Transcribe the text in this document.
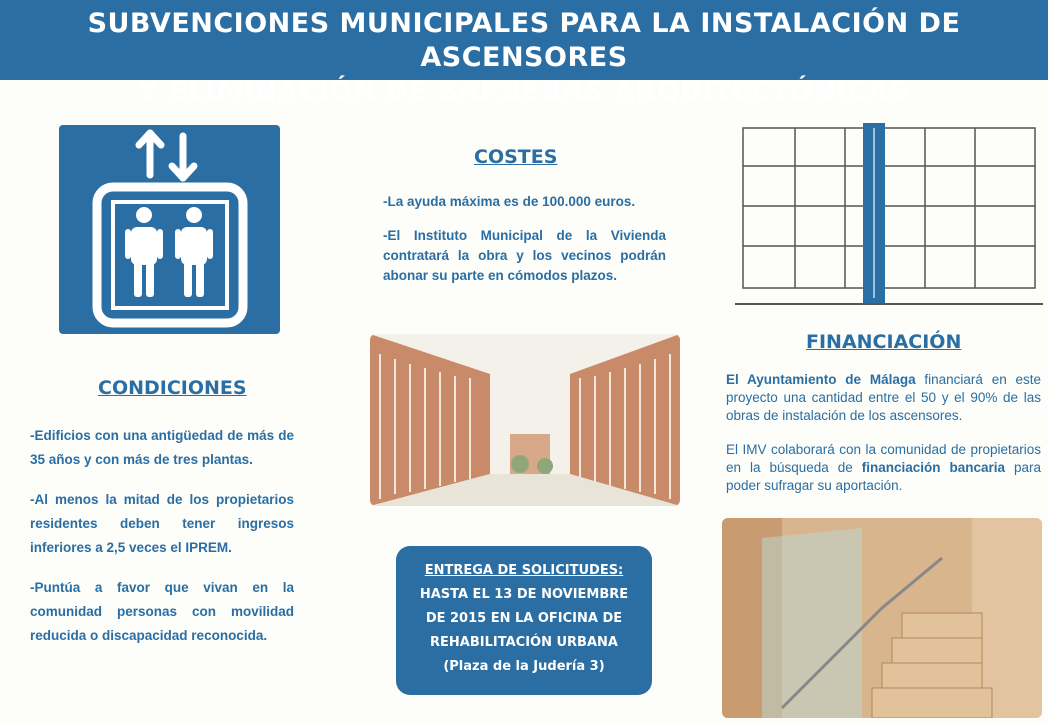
SUBVENCIONES MUNICIPALES PARA LA INSTALACIÓN DE ASCENSORES
Y ELIMINACIÓN DE BARRERAS ARQUITECTÓNICAS
COSTES

-La ayuda máxima es de 100.000 euros.

-El Instituto Municipal de la Vivienda contratará la obra y los vecinos podrán abonar su parte en cómodos plazos.

FINANCIACIÓN

El Ayuntamiento de Málaga financiará en este proyecto una cantidad entre el 50 y el 90% de las obras de instalación de los ascensores.

El IMV colaborará con la comunidad de propietarios en la búsqueda de financiación bancaria para poder sufragar su aportación.

CONDICIONES

-Edificios con una antigüedad de más de 35 años y con más de tres plantas.

-Al menos la mitad de los propietarios residentes deben tener ingresos inferiores a 2,5 veces el IPREM.

-Puntúa a favor que vivan en la comunidad personas con movilidad reducida o discapacidad reconocida.

ENTREGA DE SOLICITUDES:
HASTA EL 13 DE NOVIEMBRE
DE 2015 EN LA OFICINA DE
REHABILITACIÓN URBANA
(Plaza de la Judería 3)
